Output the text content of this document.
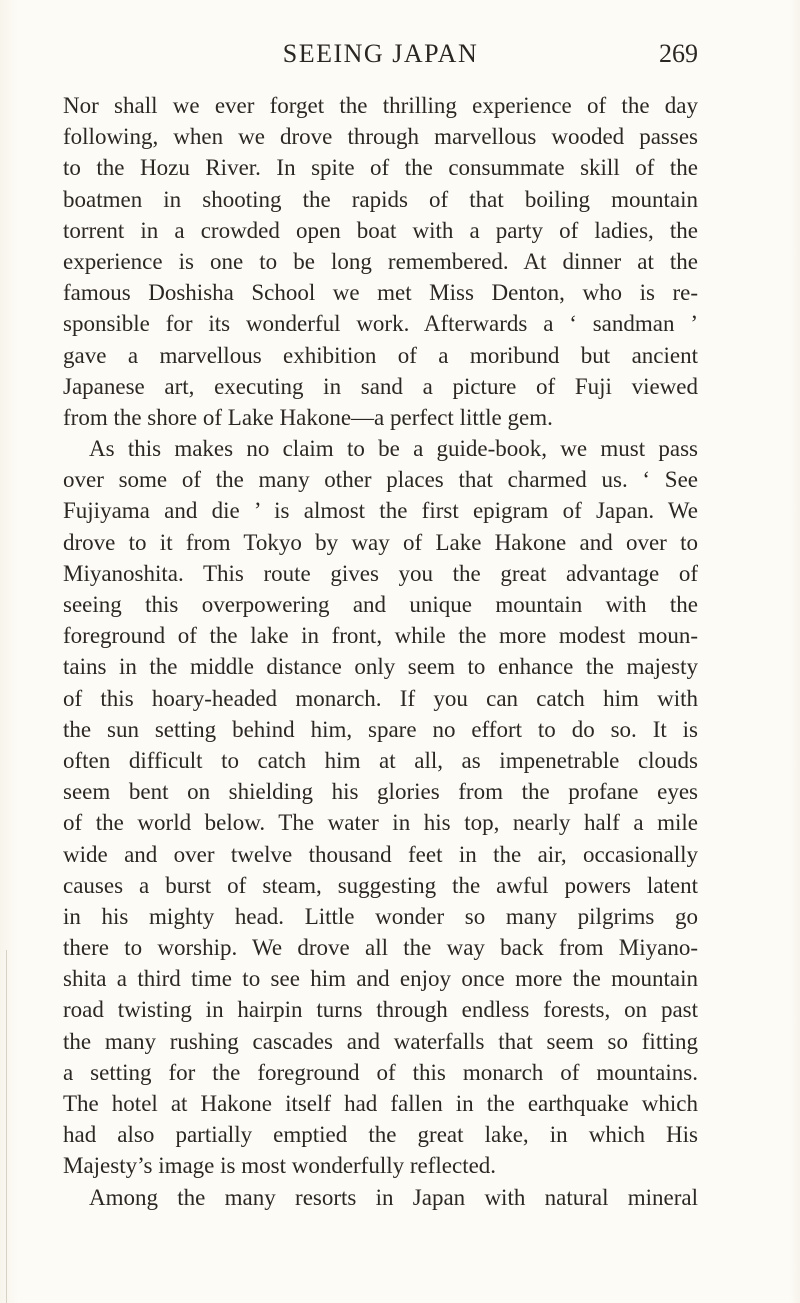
SEEING JAPAN	269
Nor shall we ever forget the thrilling experience of the day
following, when we drove through marvellous wooded passes
to the Hozu River. In spite of the consummate skill of the
boatmen in shooting the rapids of that boiling mountain
torrent in a crowded open boat with a party of ladies, the
experience is one to be long remembered. At dinner at the
famous Doshisha School we met Miss Denton, who is re-
sponsible for its wonderful work. Afterwards a ‘ sandman ’
gave a marvellous exhibition of a moribund but ancient
Japanese art, executing in sand a picture of Fuji viewed
from the shore of Lake Hakone—a perfect little gem.
As this makes no claim to be a guide-book, we must pass
over some of the many other places that charmed us. ‘ See
Fujiyama and die ’ is almost the first epigram of Japan. We
drove to it from Tokyo by way of Lake Hakone and over to
Miyanoshita. This route gives you the great advantage of
seeing this overpowering and unique mountain with the
foreground of the lake in front, while the more modest moun-
tains in the middle distance only seem to enhance the majesty
of this hoary-headed monarch. If you can catch him with
the sun setting behind him, spare no effort to do so. It is
often difficult to catch him at all, as impenetrable clouds
seem bent on shielding his glories from the profane eyes
of the world below. The water in his top, nearly half a mile
wide and over twelve thousand feet in the air, occasionally
causes a burst of steam, suggesting the awful powers latent
in his mighty head. Little wonder so many pilgrims go
there to worship. We drove all the way back from Miyano-
shita a third time to see him and enjoy once more the mountain
road twisting in hairpin turns through endless forests, on past
the many rushing cascades and waterfalls that seem so fitting
a setting for the foreground of this monarch of mountains.
The hotel at Hakone itself had fallen in the earthquake which
had also partially emptied the great lake, in which His
Majesty’s image is most wonderfully reflected.
Among the many resorts in Japan with natural mineral
